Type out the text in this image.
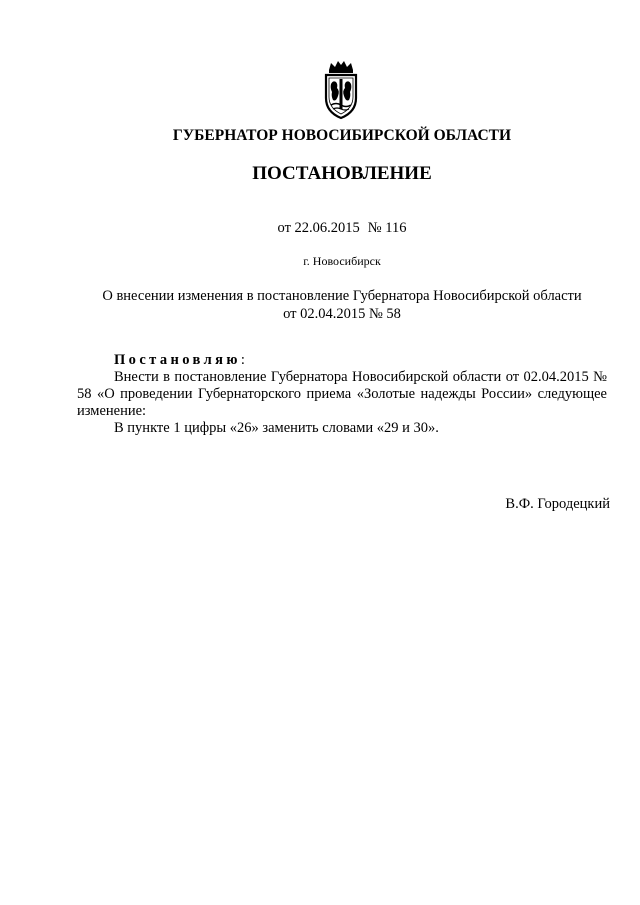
ГУБЕРНАТОР НОВОСИБИРСКОЙ ОБЛАСТИ
ПОСТАНОВЛЕНИЕ
от 22.06.2015 № 116
г. Новосибирск
О внесении изменения в постановление Губернатора Новосибирской области
от 02.04.2015 № 58
Постановляю:

Внести в постановление Губернатора Новосибирской области от 02.04.2015 № 58 «О проведении Губернаторского приема «Золотые надежды России» следующее изменение:

В пункте 1 цифры «26» заменить словами «29 и 30».

В.Ф. Городецкий
